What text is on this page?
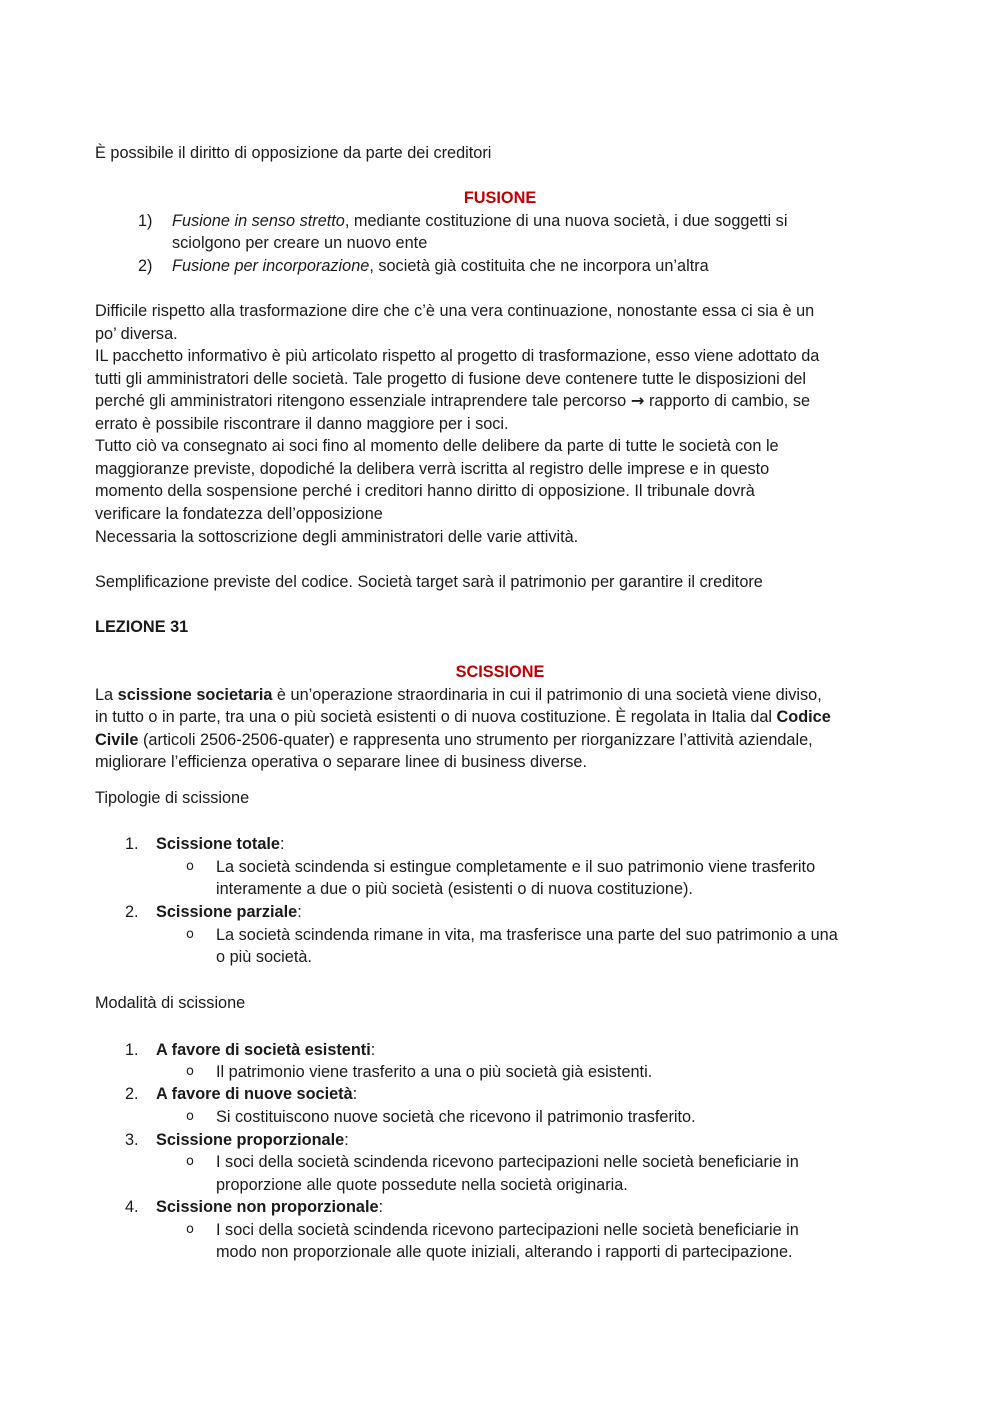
È possibile il diritto di opposizione da parte dei creditori
FUSIONE
1) Fusione in senso stretto, mediante costituzione di una nuova società, i due soggetti si
sciolgono per creare un nuovo ente
2) Fusione per incorporazione, società già costituita che ne incorpora un’altra
Difficile rispetto alla trasformazione dire che c’è una vera continuazione, nonostante essa ci sia è un
po’ diversa.
IL pacchetto informativo è più articolato rispetto al progetto di trasformazione, esso viene adottato da
tutti gli amministratori delle società. Tale progetto di fusione deve contenere tutte le disposizioni del
perché gli amministratori ritengono essenziale intraprendere tale percorso → rapporto di cambio, se
errato è possibile riscontrare il danno maggiore per i soci.
Tutto ciò va consegnato ai soci fino al momento delle delibere da parte di tutte le società con le
maggioranze previste, dopodiché la delibera verrà iscritta al registro delle imprese e in questo
momento della sospensione perché i creditori hanno diritto di opposizione. Il tribunale dovrà
verificare la fondatezza dell’opposizione
Necessaria la sottoscrizione degli amministratori delle varie attività.
Semplificazione previste del codice. Società target sarà il patrimonio per garantire il creditore
LEZIONE 31
SCISSIONE
La scissione societaria è un’operazione straordinaria in cui il patrimonio di una società viene diviso,
in tutto o in parte, tra una o più società esistenti o di nuova costituzione. È regolata in Italia dal Codice
Civile (articoli 2506-2506-quater) e rappresenta uno strumento per riorganizzare l’attività aziendale,
migliorare l’efficienza operativa o separare linee di business diverse.
Tipologie di scissione
1. Scissione totale:
o La società scindenda si estingue completamente e il suo patrimonio viene trasferito
interamente a due o più società (esistenti o di nuova costituzione).
2. Scissione parziale:
o La società scindenda rimane in vita, ma trasferisce una parte del suo patrimonio a una
o più società.
Modalità di scissione
1. A favore di società esistenti:
o Il patrimonio viene trasferito a una o più società già esistenti.
2. A favore di nuove società:
o Si costituiscono nuove società che ricevono il patrimonio trasferito.
3. Scissione proporzionale:
o I soci della società scindenda ricevono partecipazioni nelle società beneficiarie in
proporzione alle quote possedute nella società originaria.
4. Scissione non proporzionale:
o I soci della società scindenda ricevono partecipazioni nelle società beneficiarie in
modo non proporzionale alle quote iniziali, alterando i rapporti di partecipazione.
